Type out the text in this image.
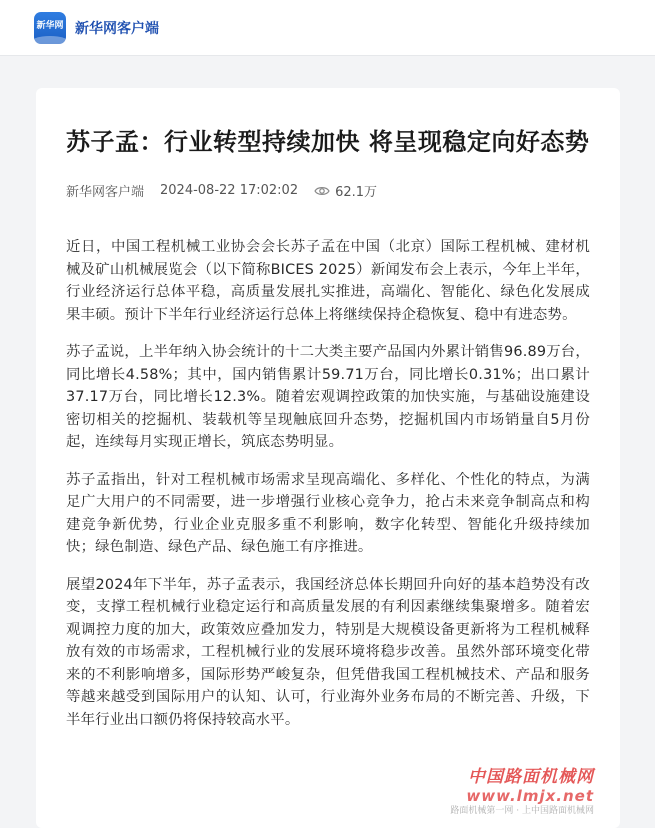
新华网 新华网客户端
苏子孟：行业转型持续加快 将呈现稳定向好态势
新华网客户端 2024-08-22 17:02:02	62.1万

近日，中国工程机械工业协会会长苏子孟在中国（北京）国际工程机械、建材机械及矿山机械展览会（以下简称BICES 2025）新闻发布会上表示，今年上半年，行业经济运行总体平稳，高质量发展扎实推进，高端化、智能化、绿色化发展成果丰硕。预计下半年行业经济运行总体上将继续保持企稳恢复、稳中有进态势。

苏子孟说，上半年纳入协会统计的十二大类主要产品国内外累计销售96.89万台，同比增长4.58%；其中，国内销售累计59.71万台，同比增长0.31%；出口累计37.17万台，同比增长12.3%。随着宏观调控政策的加快实施，与基础设施建设密切相关的挖掘机、装载机等呈现触底回升态势，挖掘机国内市场销量自5月份起，连续每月实现正增长，筑底态势明显。

苏子孟指出，针对工程机械市场需求呈现高端化、多样化、个性化的特点，为满足广大用户的不同需要，进一步增强行业核心竞争力，抢占未来竞争制高点和构建竞争新优势，行业企业克服多重不利影响，数字化转型、智能化升级持续加快；绿色制造、绿色产品、绿色施工有序推进。

展望2024年下半年，苏子孟表示，我国经济总体长期回升向好的基本趋势没有改变，支撑工程机械行业稳定运行和高质量发展的有利因素继续集聚增多。随着宏观调控力度的加大，政策效应叠加发力，特别是大规模设备更新将为工程机械释放有效的市场需求，工程机械行业的发展环境将稳步改善。虽然外部环境变化带来的不利影响增多，国际形势严峻复杂，但凭借我国工程机械技术、产品和服务等越来越受到国际用户的认知、认可，行业海外业务布局的不断完善、升级，下半年行业出口额仍将保持较高水平。

中国路面机械网
www.lmjx.net
路面机械第一网 · 上中国路面机械网
